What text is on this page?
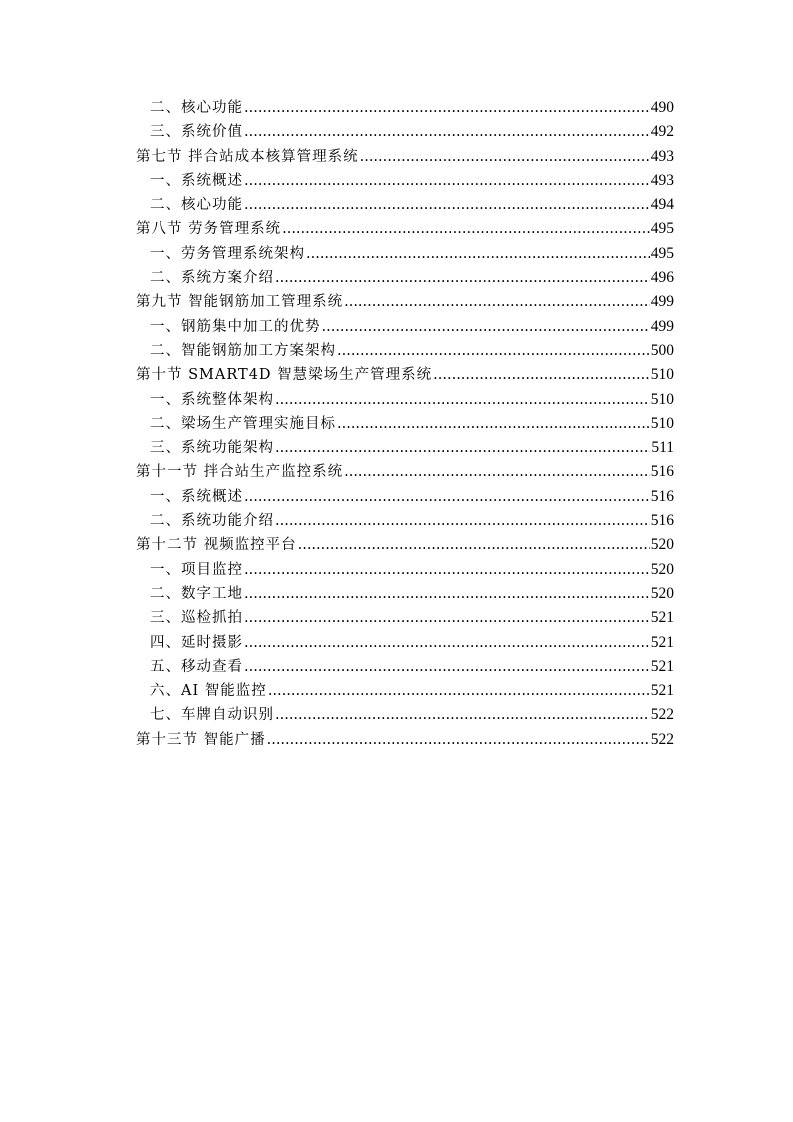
二、核心功能 .....	490
三、系统价值 .....	492
第七节 拌合站成本核算管理系统 .....	493
一、系统概述 .....	493
二、核心功能 .....	494
第八节 劳务管理系统 .....	495
一、劳务管理系统架构 .....	495
二、系统方案介绍 .....	496
第九节 智能钢筋加工管理系统 .....	499
一、钢筋集中加工的优势 .....	499
二、智能钢筋加工方案架构 .....	500
第十节 SMART4D 智慧梁场生产管理系统 .....	510
一、系统整体架构 .....	510
二、梁场生产管理实施目标 .....	510
三、系统功能架构 .....	511
第十一节 拌合站生产监控系统 .....	516
一、系统概述 .....	516
二、系统功能介绍 .....	516
第十二节 视频监控平台 .....	520
一、项目监控 .....	520
二、数字工地 .....	520
三、巡检抓拍 .....	521
四、延时摄影 .....	521
五、移动查看 .....	521
六、AI 智能监控 .....	521
七、车牌自动识别 .....	522
第十三节 智能广播 .....	522
